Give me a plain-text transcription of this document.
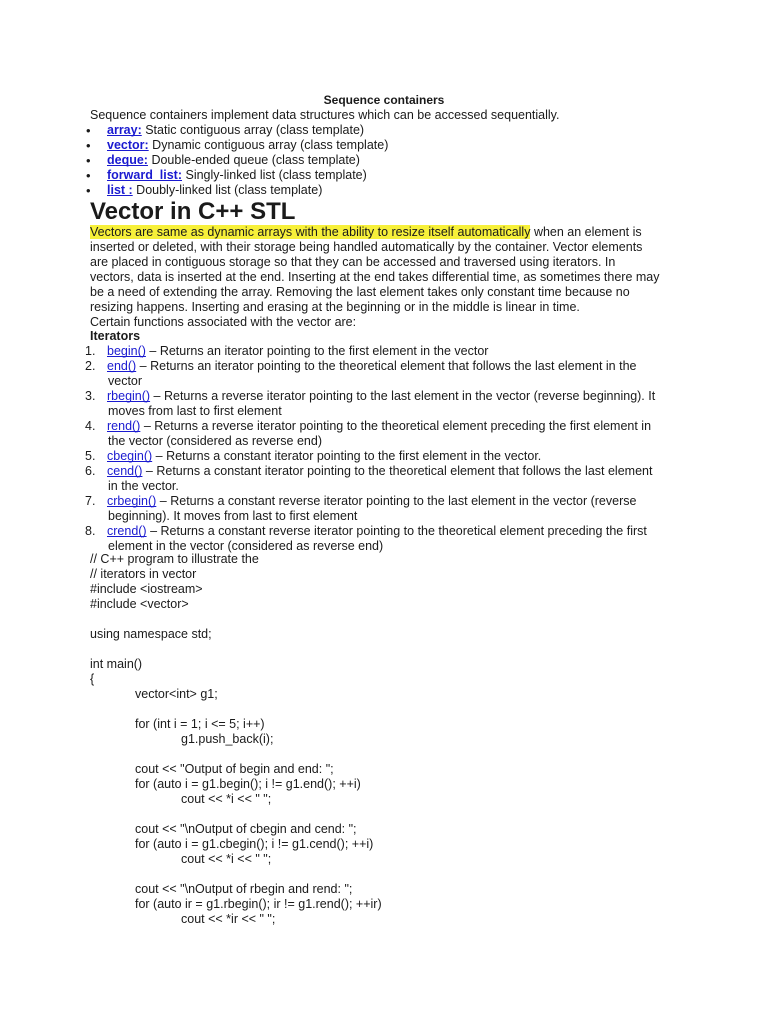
Sequence containers
Sequence containers implement data structures which can be accessed sequentially.
•	array: Static contiguous array (class template)
•	vector: Dynamic contiguous array (class template)
•	deque: Double-ended queue (class template)
•	forward_list: Singly-linked list (class template)
•	list : Doubly-linked list (class template)
Vector in C++ STL
Vectors are same as dynamic arrays with the ability to resize itself automatically when an element is
inserted or deleted, with their storage being handled automatically by the container. Vector elements
are placed in contiguous storage so that they can be accessed and traversed using iterators. In
vectors, data is inserted at the end. Inserting at the end takes differential time, as sometimes there may
be a need of extending the array. Removing the last element takes only constant time because no
resizing happens. Inserting and erasing at the beginning or in the middle is linear in time.
Certain functions associated with the vector are:
Iterators
1. begin() – Returns an iterator pointing to the first element in the vector
2. end() – Returns an iterator pointing to the theoretical element that follows the last element in the
vector
3. rbegin() – Returns a reverse iterator pointing to the last element in the vector (reverse beginning). It
moves from last to first element
4. rend() – Returns a reverse iterator pointing to the theoretical element preceding the first element in
the vector (considered as reverse end)
5. cbegin() – Returns a constant iterator pointing to the first element in the vector.
6. cend() – Returns a constant iterator pointing to the theoretical element that follows the last element
in the vector.
7. crbegin() – Returns a constant reverse iterator pointing to the last element in the vector (reverse
beginning). It moves from last to first element
8. crend() – Returns a constant reverse iterator pointing to the theoretical element preceding the first
element in the vector (considered as reverse end)
// C++ program to illustrate the
// iterators in vector
#include <iostream>
#include <vector>
using namespace std;
int main()
{
vector<int> g1;
for (int i = 1; i <= 5; i++)
g1.push_back(i);
cout << "Output of begin and end: ";
for (auto i = g1.begin(); i != g1.end(); ++i)
cout << *i << " ";
cout << "\nOutput of cbegin and cend: ";
for (auto i = g1.cbegin(); i != g1.cend(); ++i)
cout << *i << " ";
cout << "\nOutput of rbegin and rend: ";
for (auto ir = g1.rbegin(); ir != g1.rend(); ++ir)
cout << *ir << " ";
